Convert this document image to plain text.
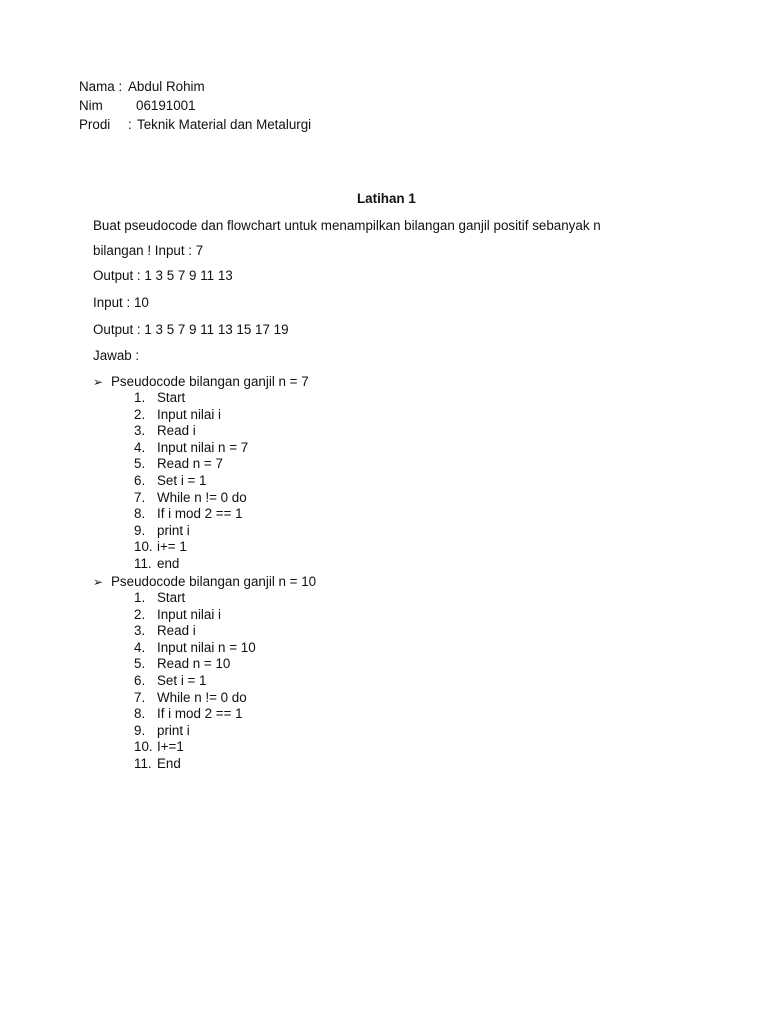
Nama : Abdul Rohim
Nim 06191001
Prodi : Teknik Material dan Metalurgi
Latihan 1
Buat pseudocode dan flowchart untuk menampilkan bilangan ganjil positif sebanyak n
bilangan ! Input : 7
Output : 1 3 5 7 9 11 13
Input : 10
Output : 1 3 5 7 9 11 13 15 17 19
Jawab :
➢ Pseudocode bilangan ganjil n = 7
1. Start
2. Input nilai i
3. Read i
4. Input nilai n = 7
5. Read n = 7
6. Set i = 1
7. While n != 0 do
8. If i mod 2 == 1
9. print i
10. i+= 1
11. end
➢ Pseudocode bilangan ganjil n = 10
1. Start
2. Input nilai i
3. Read i
4. Input nilai n = 10
5. Read n = 10
6. Set i = 1
7. While n != 0 do
8. If i mod 2 == 1
9. print i
10. I+=1
11. End
